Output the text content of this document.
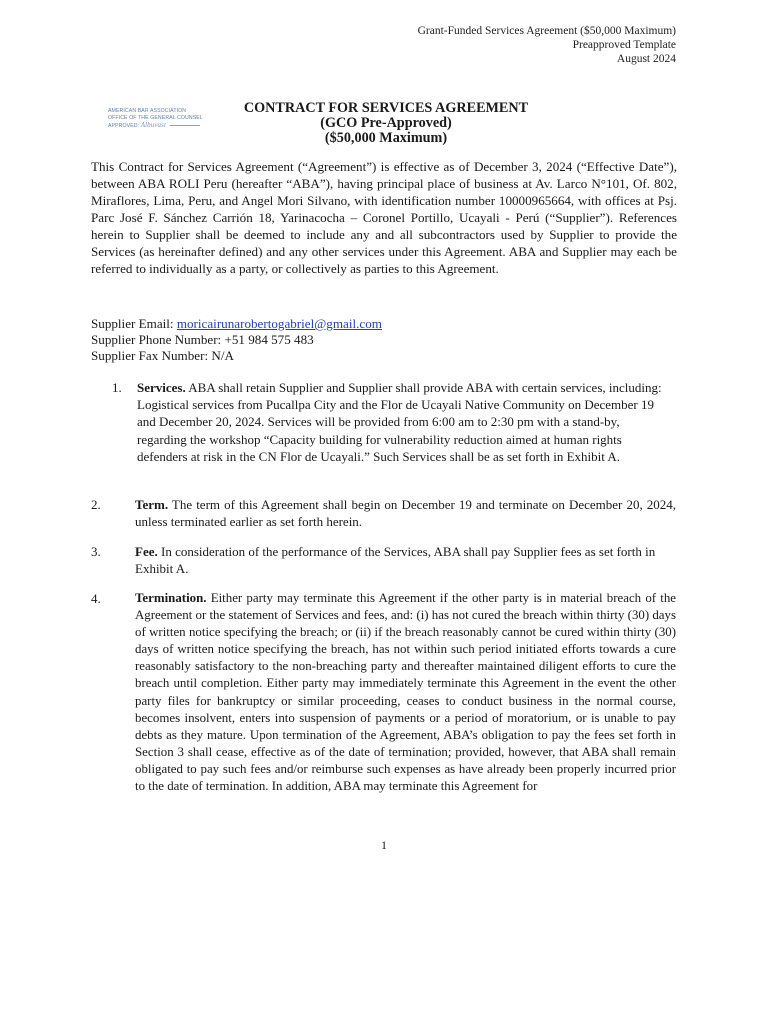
Grant-Funded Services Agreement ($50,000 Maximum)
Preapproved Template
August 2024
AMERICAN BAR ASSOCIATION
OFFICE OF THE GENERAL COUNSEL
APPROVED: Albuvast
CONTRACT FOR SERVICES AGREEMENT
(GCO Pre-Approved)
($50,000 Maximum)

This Contract for Services Agreement (“Agreement”) is effective as of December 3, 2024 (“Effective Date”), between ABA ROLI Peru (hereafter “ABA”), having principal place of business at Av. Larco N°101, Of. 802, Miraflores, Lima, Peru, and Angel Mori Silvano, with identification number 10000965664, with offices at Psj. Parc José F. Sánchez Carrión 18, Yarinacocha – Coronel Portillo, Ucayali - Perú (“Supplier”). References herein to Supplier shall be deemed to include any and all subcontractors used by Supplier to provide the Services (as hereinafter defined) and any other services under this Agreement. ABA and Supplier may each be referred to individually as a party, or collectively as parties to this Agreement.

Supplier Email: moricairunarobertogabriel@gmail.com
Supplier Phone Number: +51 984 575 483
Supplier Fax Number: N/A
1. Services. ABA shall retain Supplier and Supplier shall provide ABA with certain services, including: Logistical services from Pucallpa City and the Flor de Ucayali Native Community on December 19 and December 20, 2024. Services will be provided from 6:00 am to 2:30 pm with a stand-by, regarding the workshop “Capacity building for vulnerability reduction aimed at human rights defenders at risk in the CN Flor de Ucayali.” Such Services shall be as set forth in Exhibit A.

2.	Term. The term of this Agreement shall begin on December 19 and terminate on December 20, 2024, unless terminated earlier as set forth herein.

3.	Fee. In consideration of the performance of the Services, ABA shall pay Supplier fees as set forth in Exhibit A.

4.	Termination. Either party may terminate this Agreement if the other party is in material breach of the Agreement or the statement of Services and fees, and: (i) has not cured the breach within thirty (30) days of written notice specifying the breach; or (ii) if the breach reasonably cannot be cured within thirty (30) days of written notice specifying the breach, has not within such period initiated efforts towards a cure reasonably satisfactory to the non-breaching party and thereafter maintained diligent efforts to cure the breach until completion. Either party may immediately terminate this Agreement in the event the other party files for bankruptcy or similar proceeding, ceases to conduct business in the normal course, becomes insolvent, enters into suspension of payments or a period of moratorium, or is unable to pay debts as they mature. Upon termination of the Agreement, ABA’s obligation to pay the fees set forth in Section 3 shall cease, effective as of the date of termination; provided, however, that ABA shall remain obligated to pay such fees and/or reimburse such expenses as have already been properly incurred prior to the date of termination. In addition, ABA may terminate this Agreement for

1
